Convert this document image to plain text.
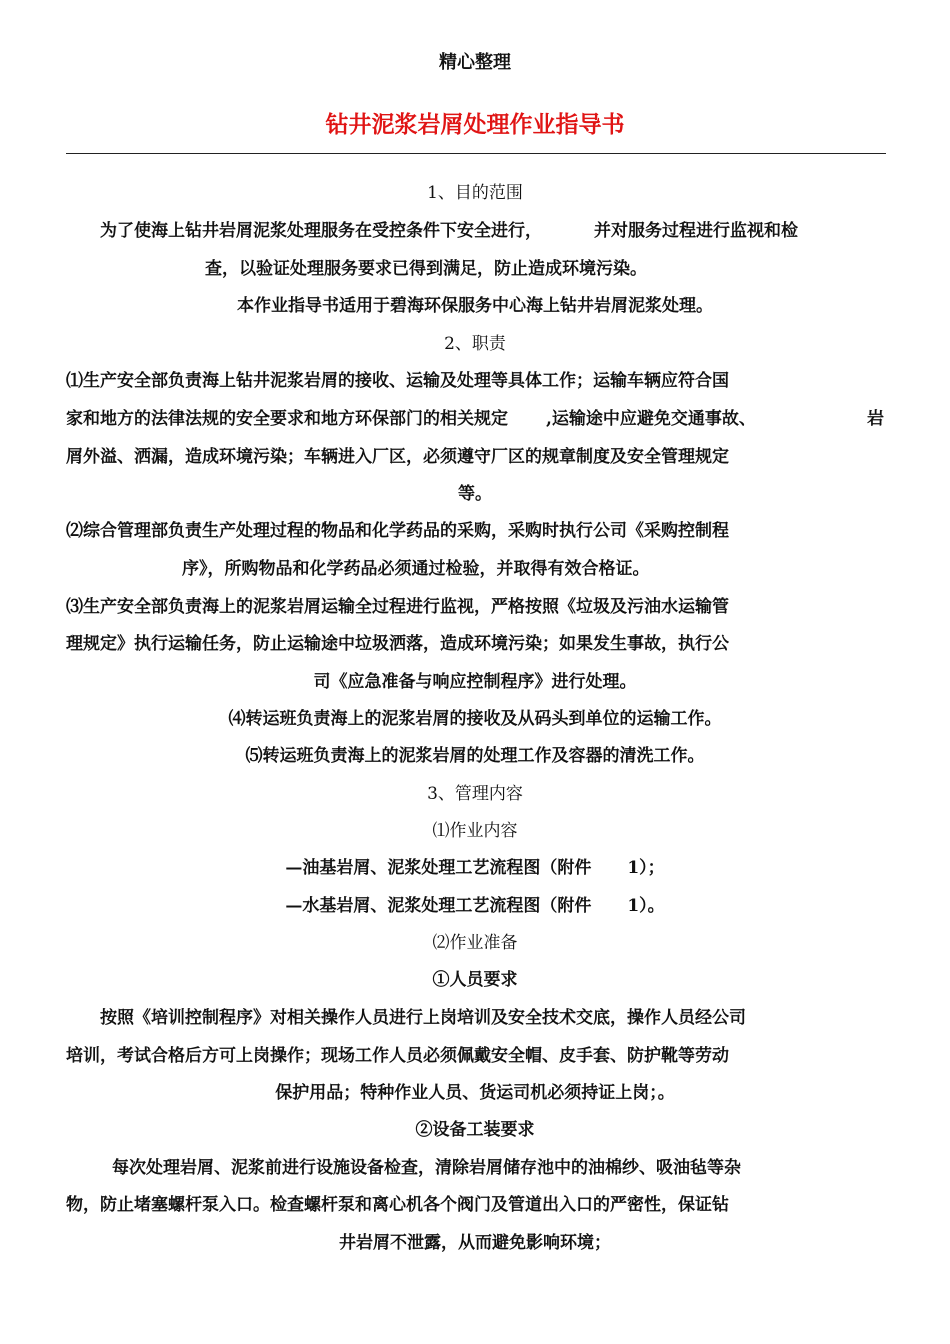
精心整理
钻井泥浆岩屑处理作业指导书
1、目的范围
为了使海上钻井岩屑泥浆处理服务在受控条件下安全进行，	并对服务过程进行监视和检
查，以验证处理服务要求已得到满足，防止造成环境污染。
本作业指导书适用于碧海环保服务中心海上钻井岩屑泥浆处理。
2、职责
⑴生产安全部负责海上钻井泥浆岩屑的接收、运输及处理等具体工作；运输车辆应符合国
家和地方的法律法规的安全要求和地方环保部门的相关规定 ,运输途中应避免交通事故、	岩
屑外溢、洒漏，造成环境污染；车辆进入厂区，必须遵守厂区的规章制度及安全管理规定
等。
⑵综合管理部负责生产处理过程的物品和化学药品的采购，采购时执行公司《采购控制程
序》，所购物品和化学药品必须通过检验，并取得有效合格证。
⑶生产安全部负责海上的泥浆岩屑运输全过程进行监视，严格按照《垃圾及污油水运输管
理规定》执行运输任务，防止运输途中垃圾洒落，造成环境污染；如果发生事故，执行公
司《应急准备与响应控制程序》进行处理。
⑷转运班负责海上的泥浆岩屑的接收及从码头到单位的运输工作。
⑸转运班负责海上的泥浆岩屑的处理工作及容器的清洗工作。
3、管理内容
⑴作业内容
—油基岩屑、泥浆处理工艺流程图（附件 1）；
—水基岩屑、泥浆处理工艺流程图（附件 1）。
⑵作业准备
①人员要求
按照《培训控制程序》对相关操作人员进行上岗培训及安全技术交底，操作人员经公司
培训，考试合格后方可上岗操作；现场工作人员必须佩戴安全帽、皮手套、防护靴等劳动
保护用品；特种作业人员、货运司机必须持证上岗；。
②设备工装要求
每次处理岩屑、泥浆前进行设施设备检查，清除岩屑储存池中的油棉纱、吸油毡等杂
物，防止堵塞螺杆泵入口。检查螺杆泵和离心机各个阀门及管道出入口的严密性，保证钻
井岩屑不泄露，从而避免影响环境；
